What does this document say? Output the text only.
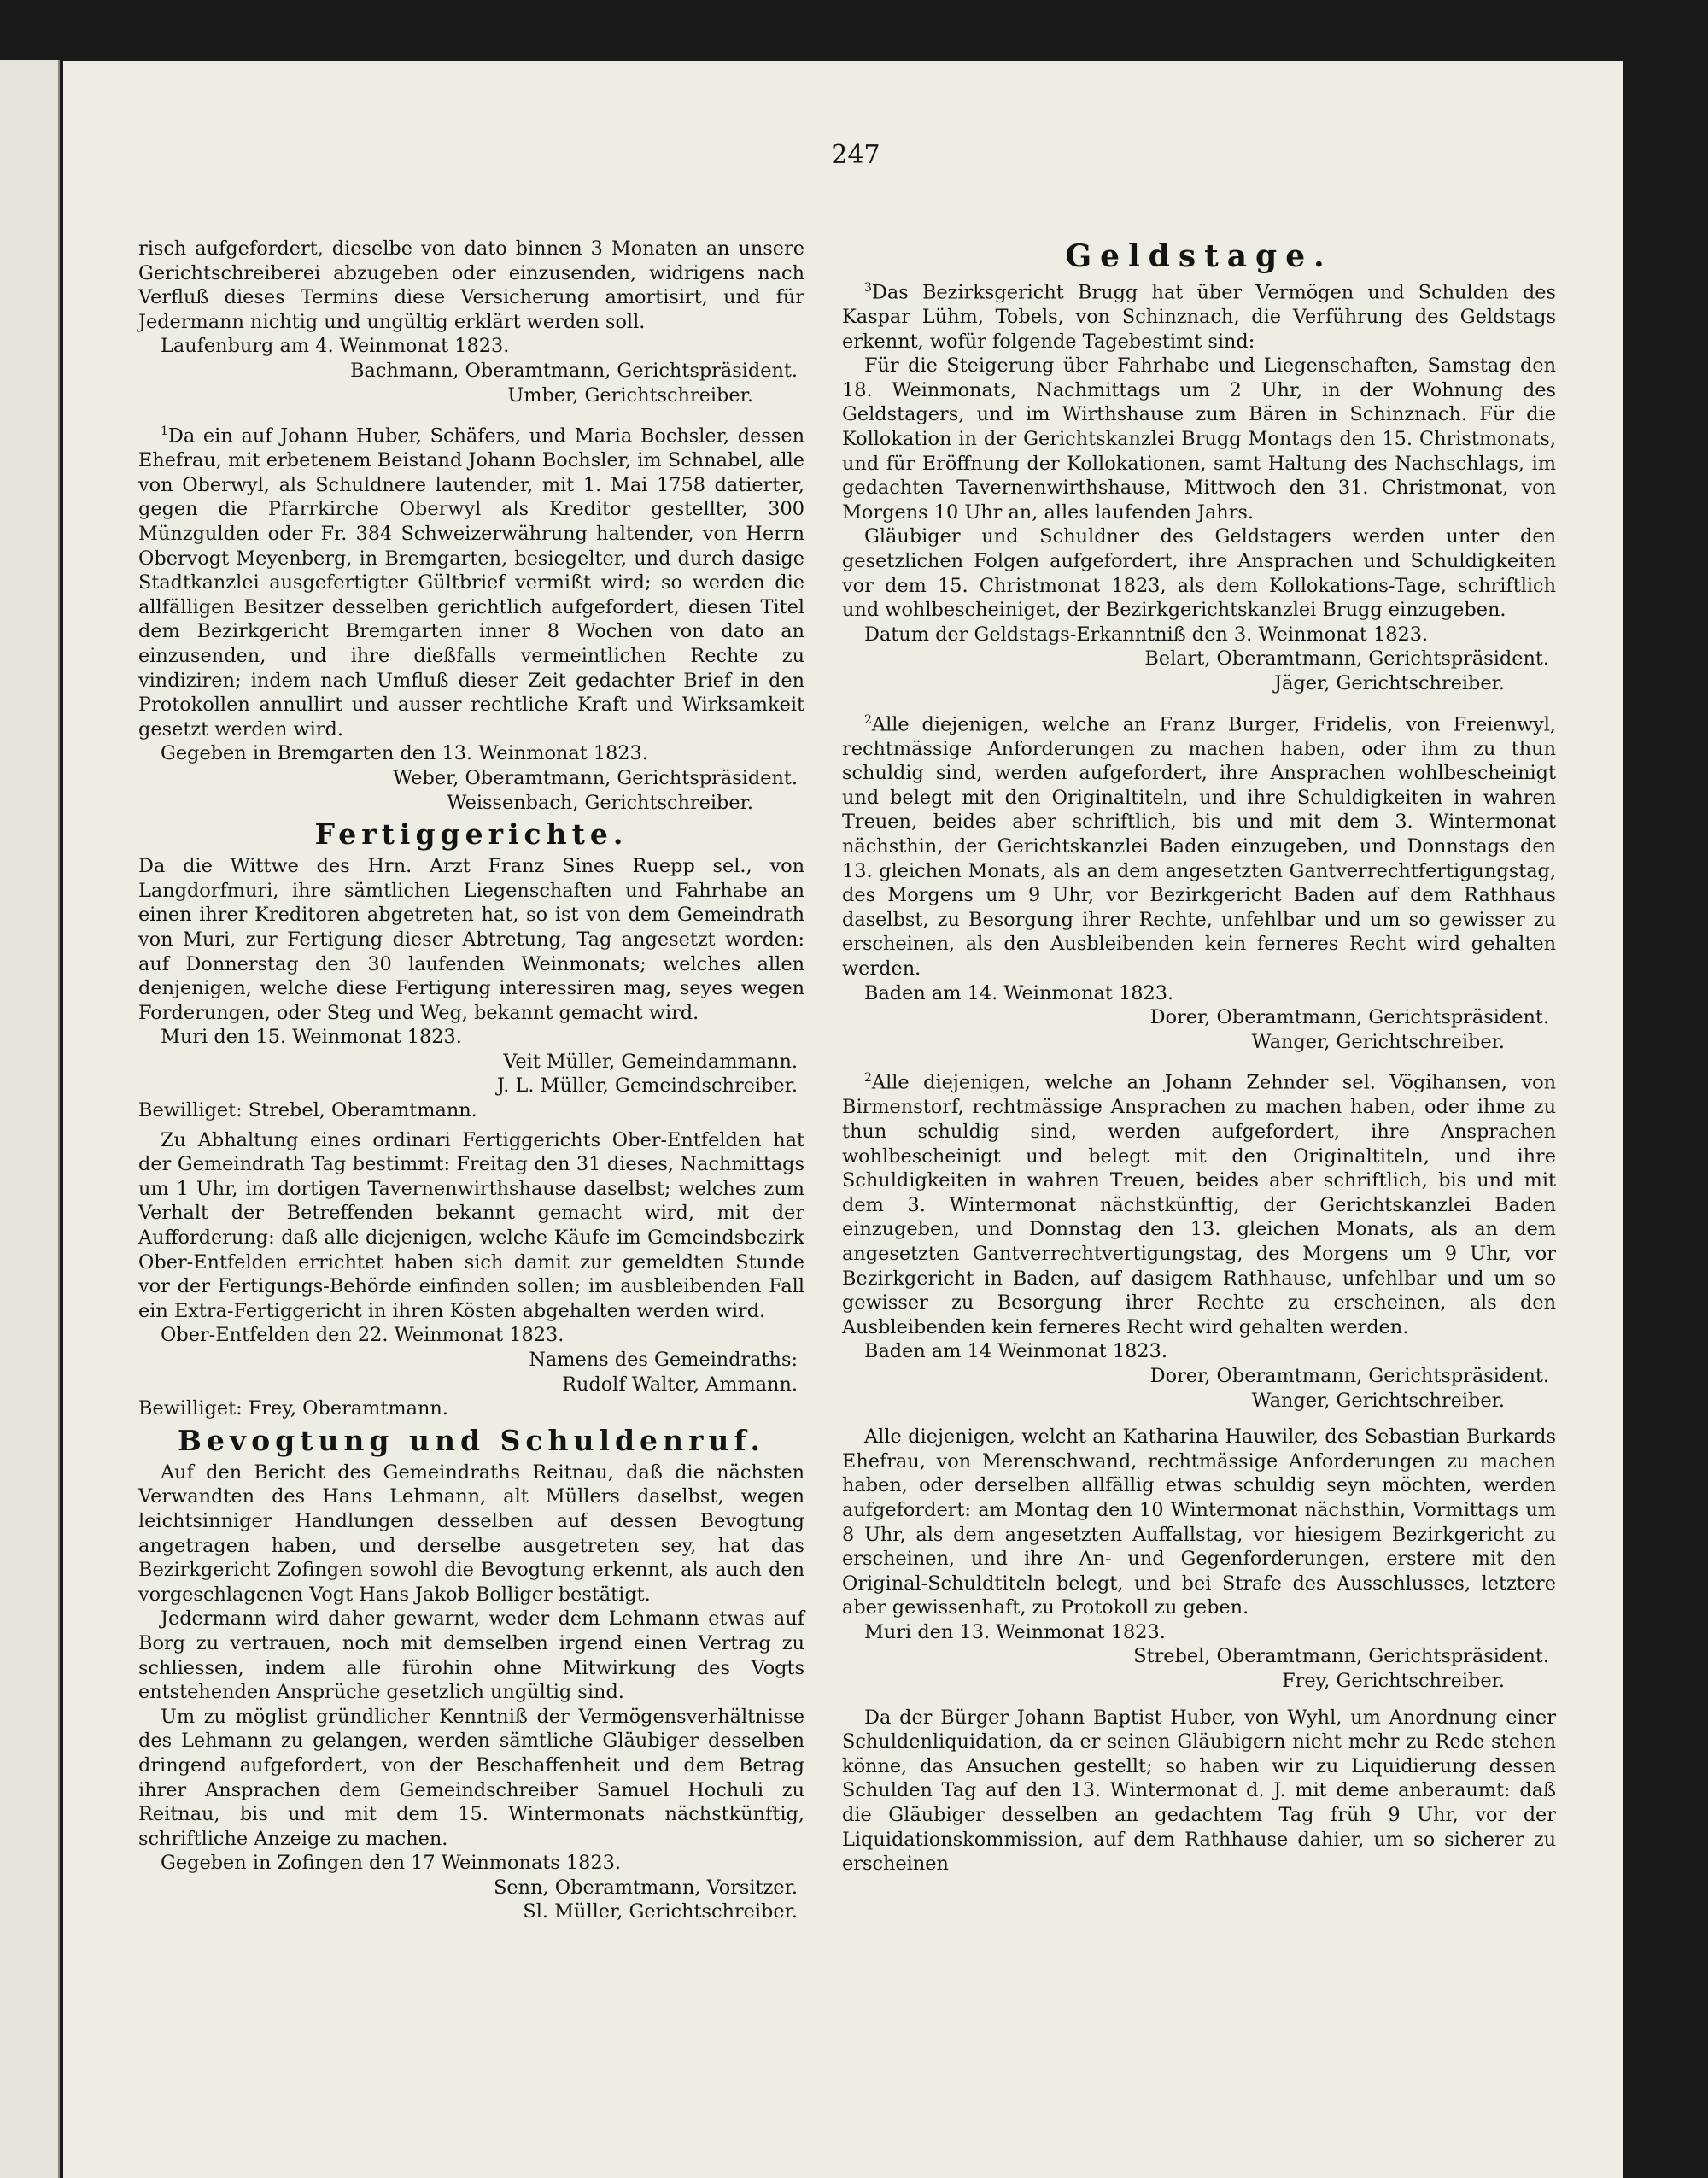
247

risch aufgefordert, dieselbe von dato binnen 3 Monaten an unsere Gerichtschreiberei abzugeben oder einzusenden, widrigens nach Verfluß dieses Termins diese Versicherung amortisirt, und für Jedermann nichtig und ungültig erklärt werden soll.

Laufenburg am 4. Weinmonat 1823.

Bachmann, Oberamtmann, Gerichtspräsident.

Umber, Gerichtschreiber.

$^1$Da ein auf Johann Huber, Schäfers, und Maria Bochsler, dessen Ehefrau, mit erbetenem Beistand Johann Bochsler, im Schnabel, alle von Oberwyl, als Schuldnere lautender, mit 1. Mai 1758 datierter, gegen die Pfarrkirche Oberwyl als Kreditor gestellter, 300 Münzgulden oder Fr. 384 Schweizerwährung haltender, von Herrn Obervogt Meyenberg, in Bremgarten, besiegelter, und durch dasige Stadtkanzlei ausgefertigter Gültbrief vermißt wird; so werden die allfälligen Besitzer desselben gerichtlich aufgefordert, diesen Titel dem Bezirkgericht Bremgarten inner 8 Wochen von dato an einzusenden, und ihre dießfalls vermeintlichen Rechte zu vindiziren; indem nach Umfluß dieser Zeit gedachter Brief in den Protokollen annullirt und ausser rechtliche Kraft und Wirksamkeit gesetzt werden wird.

Gegeben in Bremgarten den 13. Weinmonat 1823.

Weber, Oberamtmann, Gerichtspräsident.

Weissenbach, Gerichtschreiber.

Fertiggerichte.

Da die Wittwe des Hrn. Arzt Franz Sines Ruepp sel., von Langdorfmuri, ihre sämtlichen Liegenschaften und Fahrhabe an einen ihrer Kreditoren abgetreten hat, so ist von dem Gemeindrath von Muri, zur Fertigung dieser Abtretung, Tag angesetzt worden: auf Donnerstag den 30 laufenden Weinmonats; welches allen denjenigen, welche diese Fertigung interessiren mag, seyes wegen Forderungen, oder Steg und Weg, bekannt gemacht wird.

Muri den 15. Weinmonat 1823.

Veit Müller, Gemeindammann.

J. L. Müller, Gemeindschreiber.

Bewilliget: Strebel, Oberamtmann.

Zu Abhaltung eines ordinari Fertiggerichts Ober-Entfelden hat der Gemeindrath Tag bestimmt: Freitag den 31 dieses, Nachmittags um 1 Uhr, im dortigen Tavernenwirthshause daselbst; welches zum Verhalt der Betreffenden bekannt gemacht wird, mit der Aufforderung: daß alle diejenigen, welche Käufe im Gemeindsbezirk Ober-Entfelden errichtet haben sich damit zur gemeldten Stunde vor der Fertigungs-Behörde einfinden sollen; im ausbleibenden Fall ein Extra-Fertiggericht in ihren Kösten abgehalten werden wird.

Ober-Entfelden den 22. Weinmonat 1823.

Namens des Gemeindraths:

Rudolf Walter, Ammann.

Bewilliget: Frey, Oberamtmann.

Bevogtung und Schuldenruf.

Auf den Bericht des Gemeindraths Reitnau, daß die nächsten Verwandten des Hans Lehmann, alt Müllers daselbst, wegen leichtsinniger Handlungen desselben auf dessen Bevogtung angetragen haben, und derselbe ausgetreten sey, hat das Bezirkgericht Zofingen sowohl die Bevogtung erkennt, als auch den vorgeschlagenen Vogt Hans Jakob Bolliger bestätigt.

Jedermann wird daher gewarnt, weder dem Lehmann etwas auf Borg zu vertrauen, noch mit demselben irgend einen Vertrag zu schliessen, indem alle fürohin ohne Mitwirkung des Vogts entstehenden Ansprüche gesetzlich ungültig sind.

Um zu möglist gründlicher Kenntniß der Vermögensverhältnisse des Lehmann zu gelangen, werden sämtliche Gläubiger desselben dringend aufgefordert, von der Beschaffenheit und dem Betrag ihrer Ansprachen dem Gemeindschreiber Samuel Hochuli zu Reitnau, bis und mit dem 15. Wintermonats nächstkünftig, schriftliche Anzeige zu machen.

Gegeben in Zofingen den 17 Weinmonats 1823.

Senn, Oberamtmann, Vorsitzer.

Sl. Müller, Gerichtschreiber.

Geldstage.

$^3$Das Bezirksgericht Brugg hat über Vermögen und Schulden des Kaspar Lühm, Tobels, von Schinznach, die Verführung des Geldstags erkennt, wofür folgende Tagebestimt sind:

Für die Steigerung über Fahrhabe und Liegenschaften, Samstag den 18. Weinmonats, Nachmittags um 2 Uhr, in der Wohnung des Geldstagers, und im Wirthshause zum Bären in Schinznach. Für die Kollokation in der Gerichtskanzlei Brugg Montags den 15. Christmonats, und für Eröffnung der Kollokationen, samt Haltung des Nachschlags, im gedachten Tavernenwirthshause, Mittwoch den 31. Christmonat, von Morgens 10 Uhr an, alles laufenden Jahrs.

Gläubiger und Schuldner des Geldstagers werden unter den gesetzlichen Folgen aufgefordert, ihre Ansprachen und Schuldigkeiten vor dem 15. Christmonat 1823, als dem Kollokations-Tage, schriftlich und wohlbescheiniget, der Bezirkgerichtskanzlei Brugg einzugeben.

Datum der Geldstags-Erkanntniß den 3. Weinmonat 1823.

Belart, Oberamtmann, Gerichtspräsident.

Jäger, Gerichtschreiber.

$^2$Alle diejenigen, welche an Franz Burger, Fridelis, von Freienwyl, rechtmässige Anforderungen zu machen haben, oder ihm zu thun schuldig sind, werden aufgefordert, ihre Ansprachen wohlbescheinigt und belegt mit den Originaltiteln, und ihre Schuldigkeiten in wahren Treuen, beides aber schriftlich, bis und mit dem 3. Wintermonat nächsthin, der Gerichtskanzlei Baden einzugeben, und Donnstags den 13. gleichen Monats, als an dem angesetzten Gantverrechtfertigungstag, des Morgens um 9 Uhr, vor Bezirkgericht Baden auf dem Rathhaus daselbst, zu Besorgung ihrer Rechte, unfehlbar und um so gewisser zu erscheinen, als den Ausbleibenden kein ferneres Recht wird gehalten werden.

Baden am 14. Weinmonat 1823.

Dorer, Oberamtmann, Gerichtspräsident.

Wanger, Gerichtschreiber.

$^2$Alle diejenigen, welche an Johann Zehnder sel. Vögihansen, von Birmenstorf, rechtmässige Ansprachen zu machen haben, oder ihme zu thun schuldig sind, werden aufgefordert, ihre Ansprachen wohlbescheinigt und belegt mit den Originaltiteln, und ihre Schuldigkeiten in wahren Treuen, beides aber schriftlich, bis und mit dem 3. Wintermonat nächstkünftig, der Gerichtskanzlei Baden einzugeben, und Donnstag den 13. gleichen Monats, als an dem angesetzten Gantverrechtvertigungstag, des Morgens um 9 Uhr, vor Bezirkgericht in Baden, auf dasigem Rathhause, unfehlbar und um so gewisser zu Besorgung ihrer Rechte zu erscheinen, als den Ausbleibenden kein ferneres Recht wird gehalten werden.

Baden am 14 Weinmonat 1823.

Dorer, Oberamtmann, Gerichtspräsident.

Wanger, Gerichtschreiber.

Alle diejenigen, welcht an Katharina Hauwiler, des Sebastian Burkards Ehefrau, von Merenschwand, rechtmässige Anforderungen zu machen haben, oder derselben allfällig etwas schuldig seyn möchten, werden aufgefordert: am Montag den 10 Wintermonat nächsthin, Vormittags um 8 Uhr, als dem angesetzten Auffallstag, vor hiesigem Bezirkgericht zu erscheinen, und ihre An- und Gegenforderungen, erstere mit den Original-Schuldtiteln belegt, und bei Strafe des Ausschlusses, letztere aber gewissenhaft, zu Protokoll zu geben.

Muri den 13. Weinmonat 1823.

Strebel, Oberamtmann, Gerichtspräsident.

Frey, Gerichtschreiber.

Da der Bürger Johann Baptist Huber, von Wyhl, um Anordnung einer Schuldenliquidation, da er seinen Gläubigern nicht mehr zu Rede stehen könne, das Ansuchen gestellt; so haben wir zu Liquidierung dessen Schulden Tag auf den 13. Wintermonat d. J. mit deme anberaumt: daß die Gläubiger desselben an gedachtem Tag früh 9 Uhr, vor der Liquidationskommission, auf dem Rathhause dahier, um so sicherer zu erscheinen
